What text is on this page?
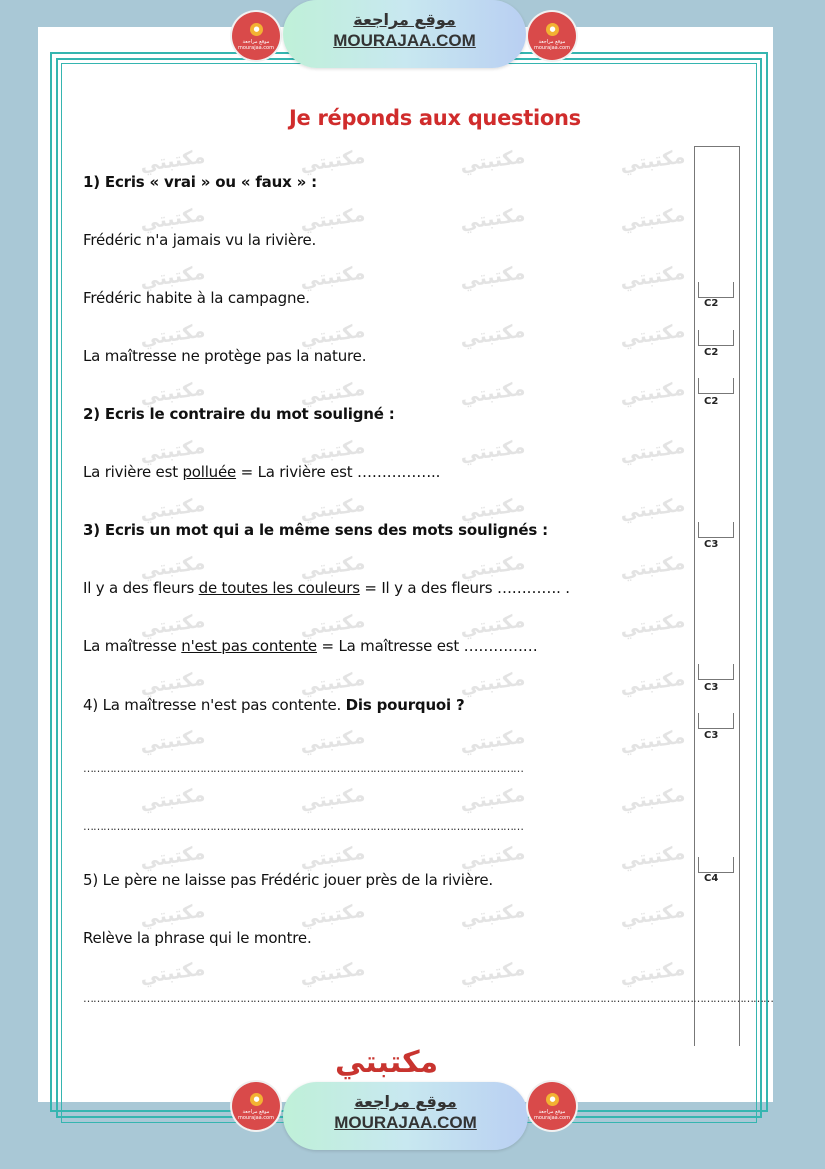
مكتبتي	مكتبتي	مكتبتي	مكتبتي
مكتبتي	مكتبتي	مكتبتي	مكتبتي
مكتبتي	مكتبتي	مكتبتي	مكتبتي
مكتبتي	مكتبتي	مكتبتي	مكتبتي
مكتبتي	مكتبتي	مكتبتي	مكتبتي
مكتبتي	مكتبتي	مكتبتي	مكتبتي
مكتبتي	مكتبتي	مكتبتي	مكتبتي
مكتبتي	مكتبتي	مكتبتي	مكتبتي
مكتبتي	مكتبتي	مكتبتي	مكتبتي
مكتبتي	مكتبتي	مكتبتي	مكتبتي
مكتبتي	مكتبتي	مكتبتي	مكتبتي
مكتبتي	مكتبتي	مكتبتي	مكتبتي
مكتبتي	مكتبتي	مكتبتي	مكتبتي
مكتبتي	مكتبتي	مكتبتي	مكتبتي
مكتبتي	مكتبتي	مكتبتي	مكتبتي
●
موقع مراجعة
mourajaa.com
موقع مراجعة
MOURAJAA.COM
●
موقع مراجعة
mourajaa.com
Je réponds aux questions
1) Ecris « vrai » ou « faux » :
Frédéric n'a jamais vu la rivière.
Frédéric habite à la campagne.
La maîtresse ne protège pas la nature.
2) Ecris le contraire du mot souligné :
La rivière est polluée = La rivière est ……………..
3) Ecris un mot qui a le même sens des mots soulignés :
Il y a des fleurs de toutes les couleurs = Il y a des fleurs …………. .
La maîtresse n'est pas contente = La maîtresse est ……………
4) La maîtresse n'est pas contente. Dis pourquoi ?
……………………………………………………………………………………………………………………
……………………………………………………………………………………………………………………
5) Le père ne laisse pas Frédéric jouer près de la rivière.
Relève la phrase qui le montre.
………………………………………………………………………………………………………………………………………………………………………………………
C2
C2
C2
C3
C3
C3
C4
مكتبتي
●
موقع مراجعة
mourajaa.com
موقع مراجعة
MOURAJAA.COM
●
موقع مراجعة
mourajaa.com
